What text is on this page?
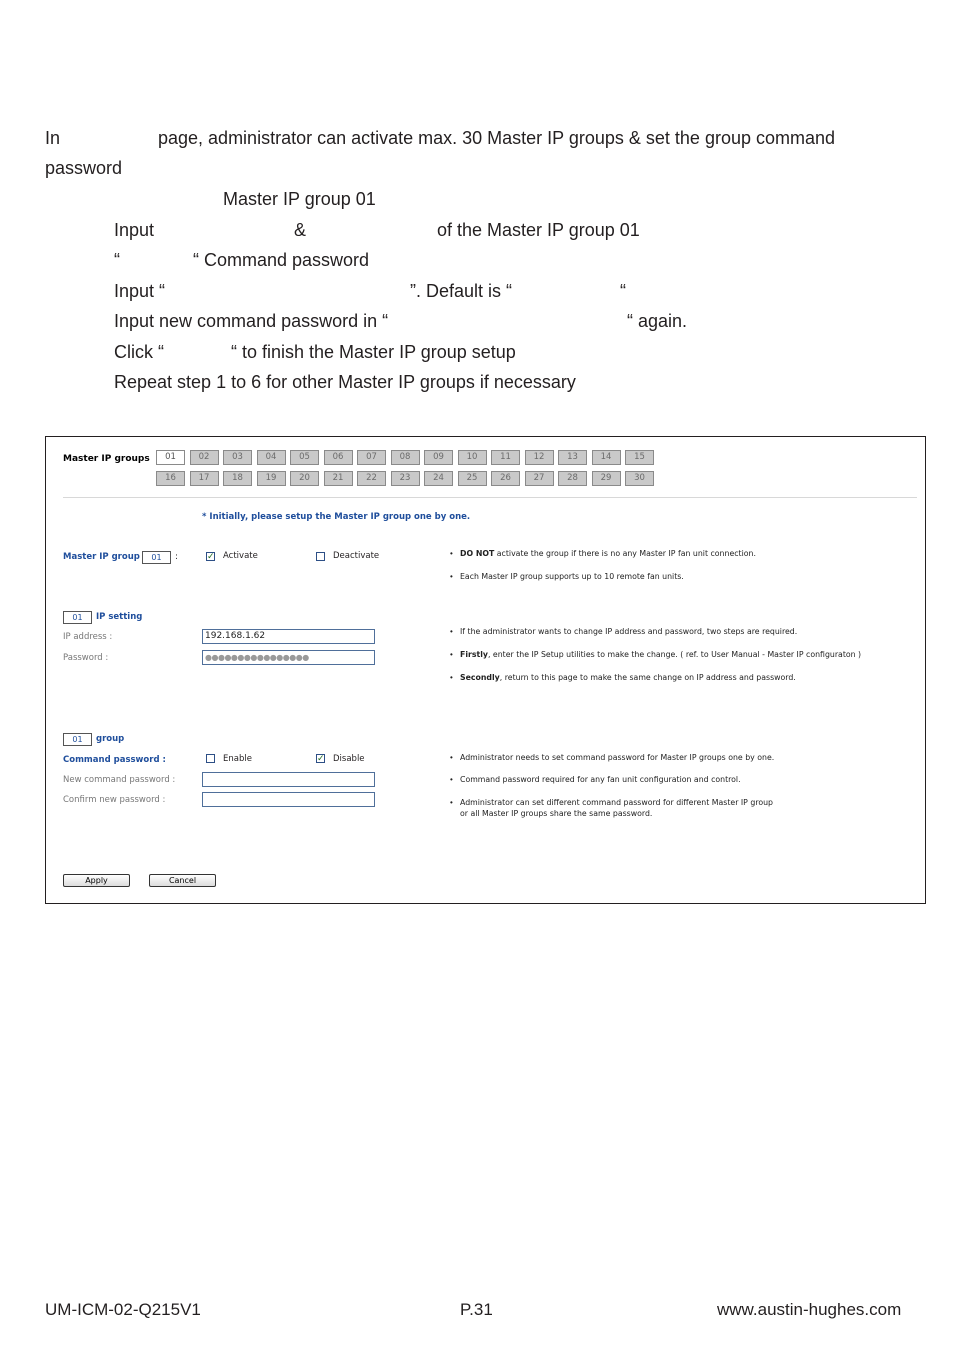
In	page, administrator can activate max. 30 Master IP groups & set the group command
password
Master IP group 01
Input	&	of the Master IP group 01
“	“ Command password
Input “	”. Default is “	“
Input new command password in “	“ again.
Click “	“ to finish the Master IP group setup
Repeat step 1 to 6 for other Master IP groups if necessary
Master IP groups	01	02	03	04	05	06	07	08	09	10	11	12	13	14	15
16	17	18	19	20	21	22	23	24	25	26	27	28	29	30
* Initially, please setup the Master IP group one by one.
Master IP group	01	:	✓ Activate	Deactivate	• DO NOT activate the group if there is no any Master IP fan unit connection.
• Each Master IP group supports up to 10 remote fan units.
01	IP setting
IP address :	192.168.1.62
Password :	●●●●●●●●●●●●●●●●
• If the administrator wants to change IP address and password, two steps are required.
• Firstly, enter the IP Setup utilities to make the change. ( ref. to User Manual - Master IP configuraton )
• Secondly, return to this page to make the same change on IP address and password.
01	group
Command password :	Enable	✓ Disable
New command password :
Confirm new password :
• Administrator needs to set command password for Master IP groups one by one.
• Command password required for any fan unit configuration and control.
• Administrator can set different command password for different Master IP group
or all Master IP groups share the same password.
Apply	Cancel
UM-ICM-02-Q215V1	P.31	www.austin-hughes.com
